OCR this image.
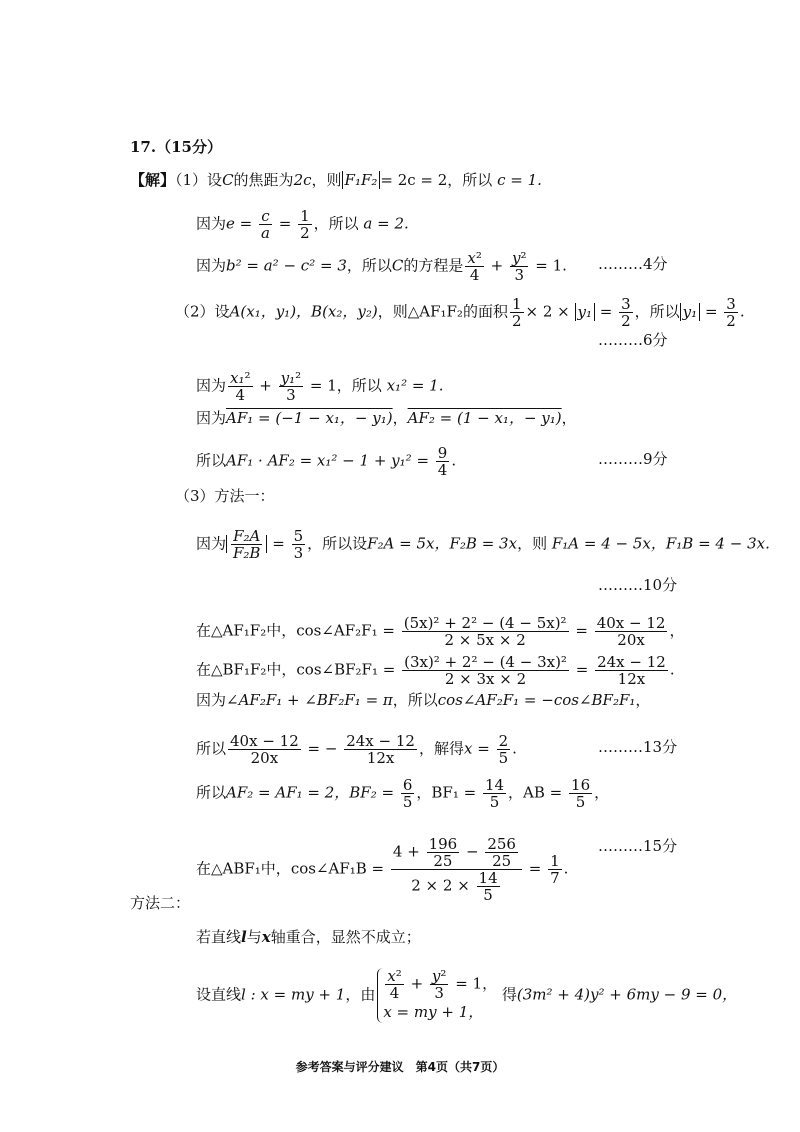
17.（15分）
【解】（1）设C的焦距为2c，则 F₁F₂ = 2c = 2，所以 c = 1.
因为$e = \frac{c}{a} = \frac{1}{2}$ ，所以 a = 2.
因为b² = a² − c² = 3，所以C的方程是 $\frac{\text{x²}}{4} + \frac{\text{y²}}{3} = 1$. ………4分
（2）设A(x₁，y₁)，B(x₂，y₂)，则△AF₁F₂的面积 $\frac{1}{2} \times 2 \times y_1 = \frac{3}{2}$ ，所以 $y_1 = \frac{3}{2}$ .
………6分
因为 $\frac{\text{x₁²}}{4} + \frac{\text{y₁²}}{3} = 1$，所以 x₁² = 1.
因为AF₁ = (−1 − x₁，− y₁)，AF₂ = (1 − x₁，− y₁)，
所以$AF_1 \cdot AF_2 = x_1^2 - 1 + y_1^2 = \frac{9}{4}$ .	………9分
（3）方法一：
因为 $\frac{\text{F₂A}}{\text{F₂B}} = \frac{5}{3}$ ，所以设F₂A = 5x，F₂B = 3x，则 F₁A = 4 − 5x，F₁B = 4 − 3x.
………10分
在△AF₁F₂中，cos∠AF₂F₁ = $\frac{\text{(5x)² + 2² − (4 − 5x)²}}{2 \times 5x \times 2} = \frac{40x - 12}{20x}$ ，
在△BF₁F₂中，cos∠BF₂F₁ = $\frac{\text{(3x)² + 2² − (4 − 3x)²}}{2 \times 3x \times 2} = \frac{24x - 12}{12x}$ .
因为∠AF₂F₁ + ∠BF₂F₁ = π，所以cos∠AF₂F₁ = −cos∠BF₂F₁，
所以 $\frac{40x - 12}{20x}$ = − $\frac{24x - 12}{12x}$ ，解得$x = \frac{2}{5}$ .	………13分
所以AF₂ = AF₁ = 2，$BF_2 = \frac{6}{5}$ ，$BF_1 = \frac{14}{5}$ ，AB = $\frac{16}{5}$ ，
在△ABF₁中，cos∠AF₁B = $\frac{4 + \frac{196}{25} - \frac{256}{25}}{2 \times 2 \times \frac{14}{5}} = \frac{1}{7}$ .
………15分
方法二：
若直线l与x轴重合，显然不成立；
设直线l : x = my + 1，由 $\frac{\text{x²}}{4} + \frac{\text{y²}}{3} = 1$，
x = my + 1，
得(3m² + 4)y² + 6my − 9 = 0，
参考答案与评分建议　第4页（共7页）
